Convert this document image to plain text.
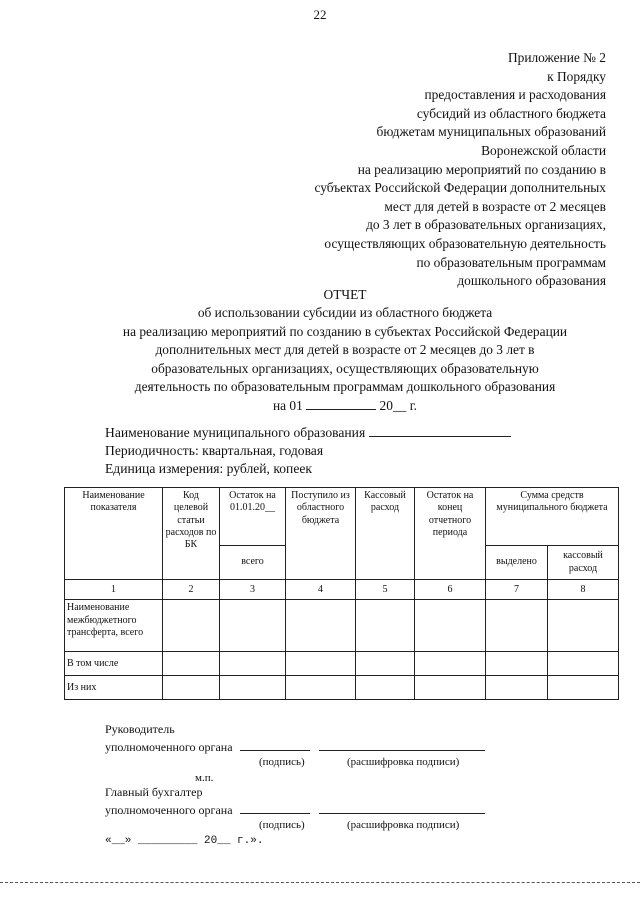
22
Приложение № 2
к Порядку
предоставления и расходования
субсидий из областного бюджета
бюджетам муниципальных образований
Воронежской области
на реализацию мероприятий по созданию в
субъектах Российской Федерации дополнительных
мест для детей в возрасте от 2 месяцев
до 3 лет в образовательных организациях,
осуществляющих образовательную деятельность
по образовательным программам
дошкольного образования
ОТЧЕТ
об использовании субсидии из областного бюджета
на реализацию мероприятий по созданию в субъектах Российской Федерации
дополнительных мест для детей в возрасте от 2 месяцев до 3 лет в
образовательных организациях, осуществляющих образовательную
деятельность по образовательным программам дошкольного образования
на 01	20__ г.
Наименование муниципального образования
Периодичность: квартальная, годовая
Единица измерения: рублей, копеек
Наименование показателя	Код целевой статьи расходов по БК	Остаток на 01.01.20__	Поступило из областного бюджета	Кассовый расход	Остаток на конец отчетного периода	Сумма средств муниципального бюджета	
		всего				выделено	кассовый расход
1	2	3	4	5	6	7	8
Наименование межбюджетного трансферта, всего							
В том числе							
Из них							
Руководитель
уполномоченного органа
(подпись)	(расшифровка подписи)
м.п.
Главный бухгалтер
уполномоченного органа
(подпись)	(расшифровка подписи)
«__» _________ 20__ г.».
